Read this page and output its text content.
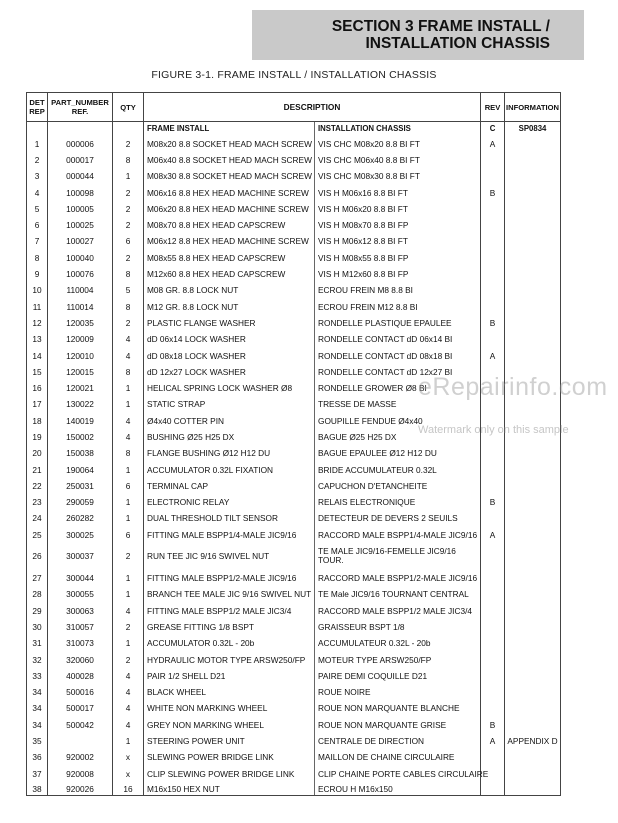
SECTION 3 FRAME INSTALL /
INSTALLATION CHASSIS
FIGURE 3-1. FRAME INSTALL / INSTALLATION CHASSIS
DET REP	PART_NUMBER REF.	QTY	DESCRIPTION		REV	INFORMATION
			FRAME INSTALL	INSTALLATION CHASSIS	C	SP0834
1	000006	2	M08x20 8.8 SOCKET HEAD MACH SCREW	VIS CHC M08x20 8.8 BI FT	A	
2	000017	8	M06x40 8.8 SOCKET HEAD MACH SCREW	VIS CHC M06x40 8.8 BI FT		
3	000044	1	M08x30 8.8 SOCKET HEAD MACH SCREW	VIS CHC M08x30 8.8 BI FT		
4	100098	2	M06x16 8.8 HEX HEAD MACHINE SCREW	VIS H M06x16 8.8 BI FT	B	
5	100005	2	M06x20 8.8 HEX HEAD MACHINE SCREW	VIS H M06x20 8.8 BI FT		
6	100025	2	M08x70 8.8 HEX HEAD CAPSCREW	VIS H M08x70 8.8 BI FP		
7	100027	6	M06x12 8.8 HEX HEAD MACHINE SCREW	VIS H M06x12 8.8 BI FT		
8	100040	2	M08x55 8.8 HEX HEAD CAPSCREW	VIS H M08x55 8.8 BI FP		
9	100076	8	M12x60 8.8 HEX HEAD CAPSCREW	VIS H M12x60 8.8 BI FP		
10	110004	5	M08 GR. 8.8 LOCK NUT	ECROU FREIN M8 8.8 BI		
11	110014	8	M12 GR. 8.8 LOCK NUT	ECROU FREIN M12 8.8 BI		
12	120035	2	PLASTIC FLANGE WASHER	RONDELLE PLASTIQUE EPAULEE	B	
13	120009	4	dD 06x14 LOCK WASHER	RONDELLE CONTACT dD 06x14 BI		
14	120010	4	dD 08x18 LOCK WASHER	RONDELLE CONTACT dD 08x18 BI	A	
15	120015	8	dD 12x27 LOCK WASHER	RONDELLE CONTACT dD 12x27 BI		
16	120021	1	HELICAL SPRING LOCK WASHER Ø8	RONDELLE GROWER Ø8 BI		
17	130022	1	STATIC STRAP	TRESSE DE MASSE		
18	140019	4	Ø4x40 COTTER PIN	GOUPILLE FENDUE Ø4x40		
19	150002	4	BUSHING Ø25 H25 DX	BAGUE Ø25 H25 DX		
20	150038	8	FLANGE BUSHING Ø12 H12 DU	BAGUE EPAULEE Ø12 H12 DU		
21	190064	1	ACCUMULATOR 0.32L FIXATION	BRIDE ACCUMULATEUR 0.32L		
22	250031	6	TERMINAL CAP	CAPUCHON D'ETANCHEITE		
23	290059	1	ELECTRONIC RELAY	RELAIS ELECTRONIQUE	B	
24	260282	1	DUAL THRESHOLD TILT SENSOR	DETECTEUR DE DEVERS 2 SEUILS		
25	300025	6	FITTING MALE BSPP1/4-MALE JIC9/16	RACCORD MALE BSPP1/4-MALE JIC9/16	A	
26	300037	2	RUN TEE JIC 9/16 SWIVEL NUT	TE MALE JIC9/16-FEMELLE JIC9/16 TOUR.		
27	300044	1	FITTING MALE BSPP1/2-MALE JIC9/16	RACCORD MALE BSPP1/2-MALE JIC9/16		
28	300055	1	BRANCH TEE MALE JIC 9/16 SWIVEL NUT	TE Male JIC9/16 TOURNANT CENTRAL		
29	300063	4	FITTING MALE BSPP1/2 MALE JIC3/4	RACCORD MALE BSPP1/2 MALE JIC3/4		
30	310057	2	GREASE FITTING 1/8 BSPT	GRAISSEUR BSPT 1/8		
31	310073	1	ACCUMULATOR 0.32L - 20b	ACCUMULATEUR 0.32L - 20b		
32	320060	2	HYDRAULIC MOTOR TYPE ARSW250/FP	MOTEUR TYPE ARSW250/FP		
33	400028	4	PAIR 1/2 SHELL D21	PAIRE DEMI COQUILLE D21		
34	500016	4	BLACK WHEEL	ROUE NOIRE		
34	500017	4	WHITE NON MARKING WHEEL	ROUE NON MARQUANTE BLANCHE		
34	500042	4	GREY NON MARKING WHEEL	ROUE NON MARQUANTE GRISE	B	
35		1	STEERING POWER UNIT	CENTRALE DE DIRECTION	A	APPENDIX D
36	920002	x	SLEWING POWER BRIDGE LINK	MAILLON DE CHAINE CIRCULAIRE		
37	920008	x	CLIP SLEWING POWER BRIDGE LINK	CLIP CHAINE PORTE CABLES CIRCULAIRE		
38	920026	16	M16x150 HEX NUT	ECROU H M16x150		
eRepairinfo.com
Watermark only on this sample
